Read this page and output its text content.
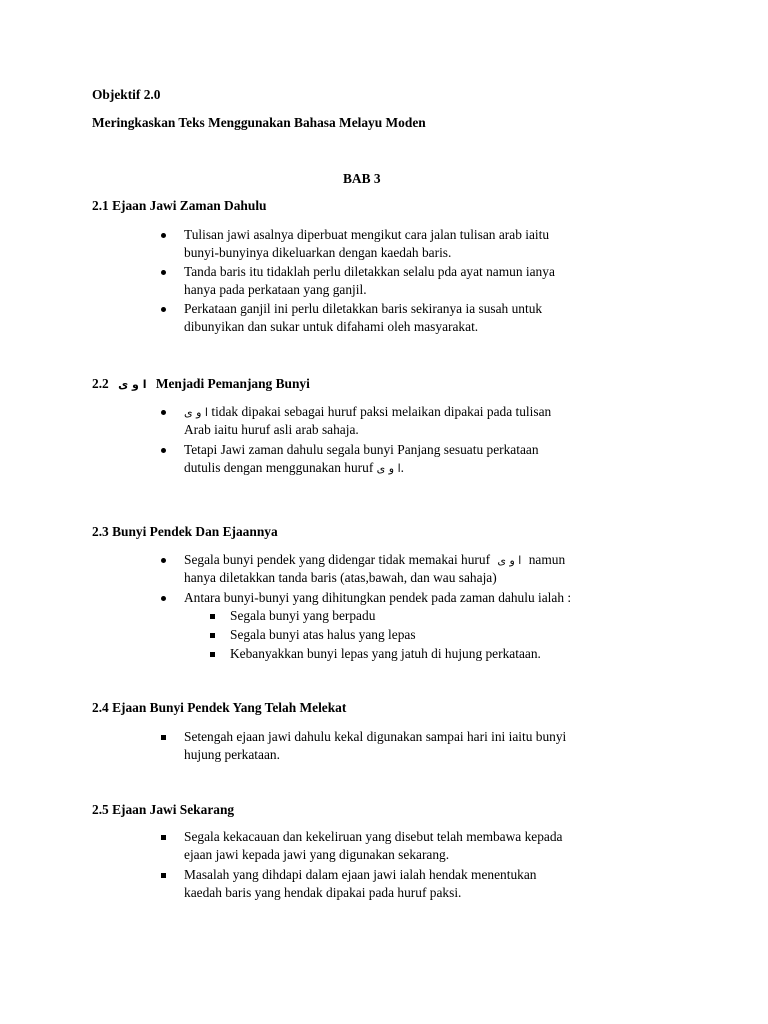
Objektif 2.0
Meringkaskan Teks Menggunakan Bahasa Melayu Moden
BAB 3
2.1 Ejaan Jawi Zaman Dahulu
Tulisan jawi asalnya diperbuat mengikut cara jalan tulisan arab iaitu
bunyi-bunyinya dikeluarkan dengan kaedah baris.
Tanda baris itu tidaklah perlu diletakkan selalu pda ayat namun ianya
hanya pada perkataan yang ganjil.
Perkataan ganjil ini perlu diletakkan baris sekiranya ia susah untuk
dibunyikan dan sukar untuk difahami oleh masyarakat.
2.2 ا و ى Menjadi Pemanjang Bunyi
ا و ى tidak dipakai sebagai huruf paksi melaikan dipakai pada tulisan
Arab iaitu huruf asli arab sahaja.
Tetapi Jawi zaman dahulu segala bunyi Panjang sesuatu perkataan
dutulis dengan menggunakan huruf ا و ى.
2.3 Bunyi Pendek Dan Ejaannya
Segala bunyi pendek yang didengar tidak memakai huruf ا و ى namun
hanya diletakkan tanda baris (atas,bawah, dan wau sahaja)
Antara bunyi-bunyi yang dihitungkan pendek pada zaman dahulu ialah :
Segala bunyi yang berpadu
Segala bunyi atas halus yang lepas
Kebanyakkan bunyi lepas yang jatuh di hujung perkataan.
2.4 Ejaan Bunyi Pendek Yang Telah Melekat
Setengah ejaan jawi dahulu kekal digunakan sampai hari ini iaitu bunyi
hujung perkataan.
2.5 Ejaan Jawi Sekarang
Segala kekacauan dan kekeliruan yang disebut telah membawa kepada
ejaan jawi kepada jawi yang digunakan sekarang.
Masalah yang dihdapi dalam ejaan jawi ialah hendak menentukan
kaedah baris yang hendak dipakai pada huruf paksi.
